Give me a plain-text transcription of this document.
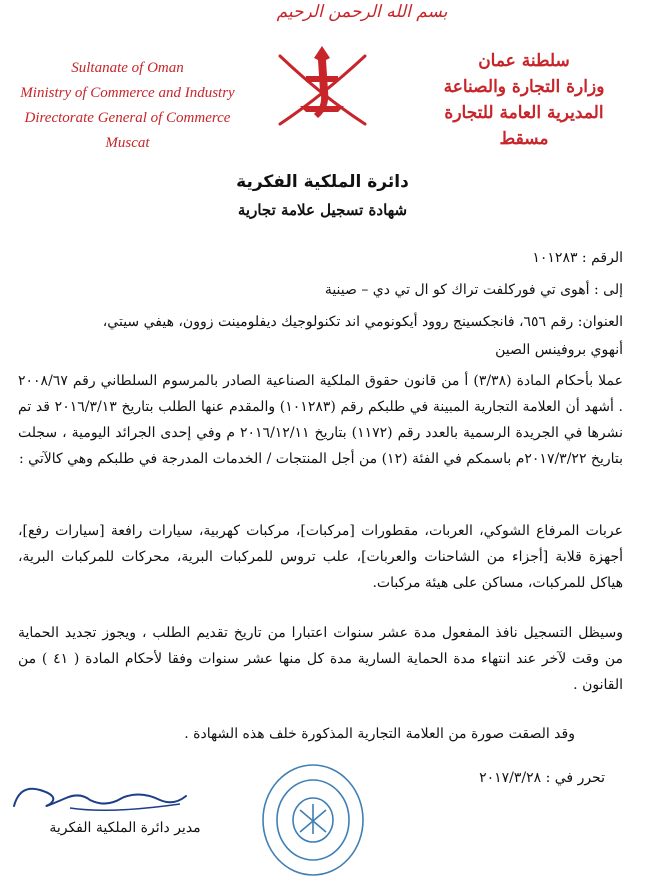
بسم الله الرحمن الرحيم
Sultanate of Oman
Ministry of Commerce and Industry
Directorate General of Commerce
Muscat
سلطنة عمان
وزارة التجارة والصناعة
المديرية العامة للتجارة
مسقط
دائرة الملكية الفكرية
شهادة تسجيل علامة تجارية
الرقم : ١٠١٢٨٣
إلى : أهوى تي فوركلفت تراك كو ال تي دي – صينية
العنوان: رقم ٦٥٦، فانجكسينج روود أيكونومي اند تكنولوجيك ديفلومينت زوون، هيفي سيتي،
أنهوي بروفينس الصين
عملا بأحكام المادة (٣/٣٨) أ من قانون حقوق الملكية الصناعية الصادر بالمرسوم السلطاني رقم ٢٠٠٨/٦٧ . أشهد أن العلامة التجارية المبينة في طلبكم رقم (١٠١٢٨٣) والمقدم عنها الطلب بتاريخ ٢٠١٦/٣/١٣ قد تم نشرها في الجريدة الرسمية بالعدد رقم (١١٧٢) بتاريخ ٢٠١٦/١٢/١١ م وفي إحدى الجرائد اليومية ، سجلت بتاريخ ٢٠١٧/٣/٢٢م باسمكم في الفئة (١٢) من أجل المنتجات / الخدمات المدرجة في طلبكم وهي كالآتي :
عربات المرفاع الشوكي، العربات، مقطورات [مركبات]، مركبات كهربية، سيارات رافعة [سيارات رفع]، أجهزة قلابة [أجزاء من الشاحنات والعربات]، علب تروس للمركبات البرية، محركات للمركبات البرية، هياكل للمركبات، مساكن على هيئة مركبات.
وسيظل التسجيل نافذ المفعول مدة عشر سنوات اعتبارا من تاريخ تقديم الطلب ، ويجوز تجديد الحماية من وقت لآخر عند انتهاء مدة الحماية السارية مدة كل منها عشر سنوات وفقا لأحكام المادة ( ٤١ ) من القانون .
وقد الصقت صورة من العلامة التجارية المذكورة خلف هذه الشهادة .
تحرر في : ٢٠١٧/٣/٢٨
مدير دائرة الملكية الفكرية
